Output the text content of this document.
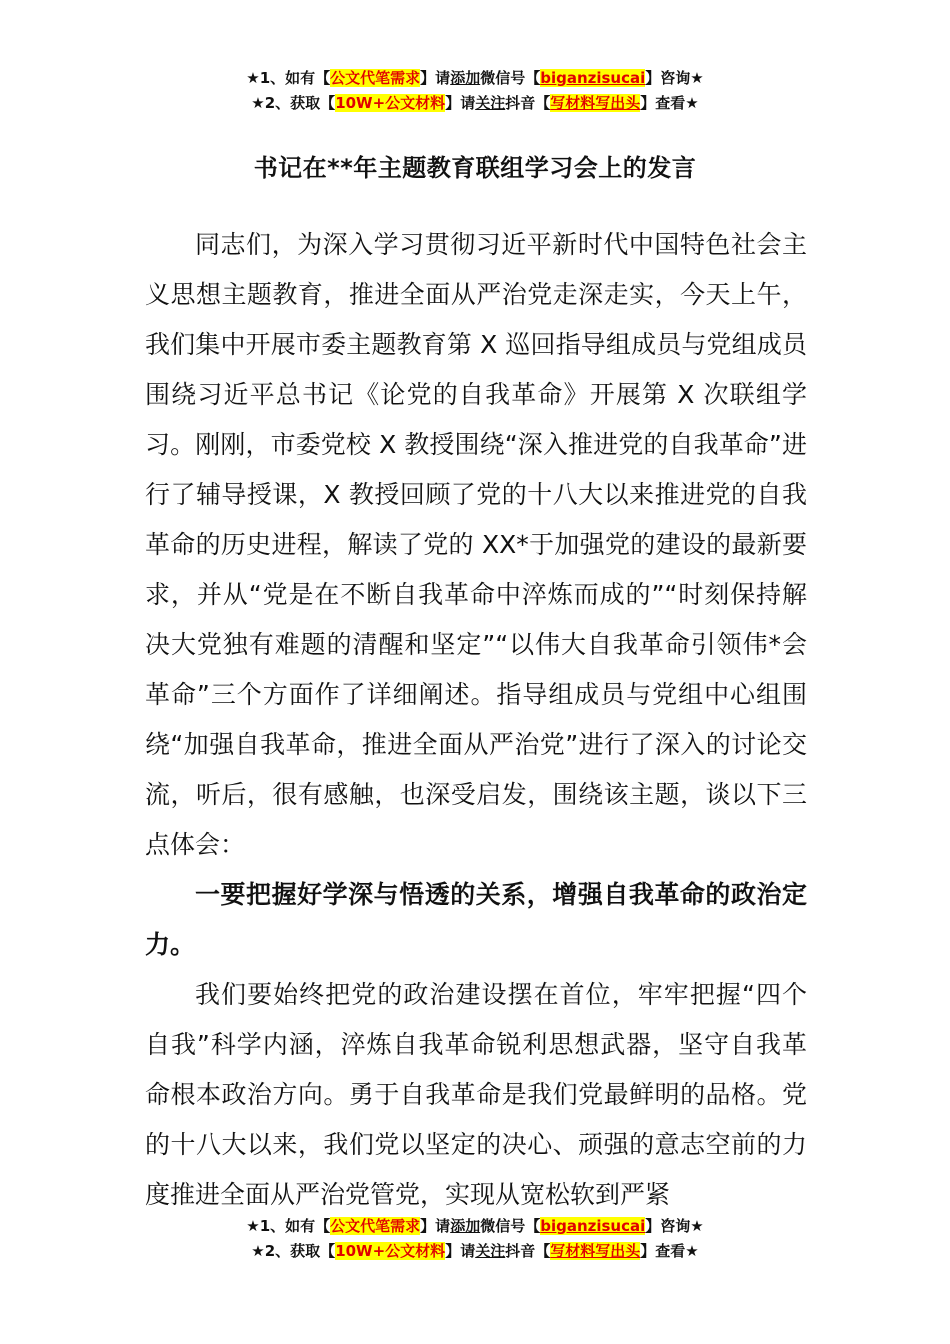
★1、如有【公文代笔需求】请添加微信号【biganzisucai】咨询★
★2、获取【10W+公文材料】请关注抖音【写材料写出头】查看★
书记在**年主题教育联组学习会上的发言

同志们，为深入学习贯彻习近平新时代中国特色社会主义思想主题教育，推进全面从严治党走深走实，今天上午，我们集中开展市委主题教育第 X 巡回指导组成员与党组成员围绕习近平总书记《论党的自我革命》开展第 X 次联组学习。刚刚，市委党校 X 教授围绕“深入推进党的自我革命”进行了辅导授课，X 教授回顾了党的十八大以来推进党的自我革命的历史进程，解读了党的 XX*于加强党的建设的最新要求，并从“党是在不断自我革命中淬炼而成的”“时刻保持解决大党独有难题的清醒和坚定”“以伟大自我革命引领伟*会革命”三个方面作了详细阐述。指导组成员与党组中心组围绕“加强自我革命，推进全面从严治党”进行了深入的讨论交流，听后，很有感触，也深受启发，围绕该主题，谈以下三点体会：

一要把握好学深与悟透的关系，增强自我革命的政治定力。

我们要始终把党的政治建设摆在首位，牢牢把握“四个自我”科学内涵，淬炼自我革命锐利思想武器，坚守自我革命根本政治方向。勇于自我革命是我们党最鲜明的品格。党的十八大以来，我们党以坚定的决心、顽强的意志空前的力度推进全面从严治党管党，实现从宽松软到严紧

★1、如有【公文代笔需求】请添加微信号【biganzisucai】咨询★
★2、获取【10W+公文材料】请关注抖音【写材料写出头】查看★
